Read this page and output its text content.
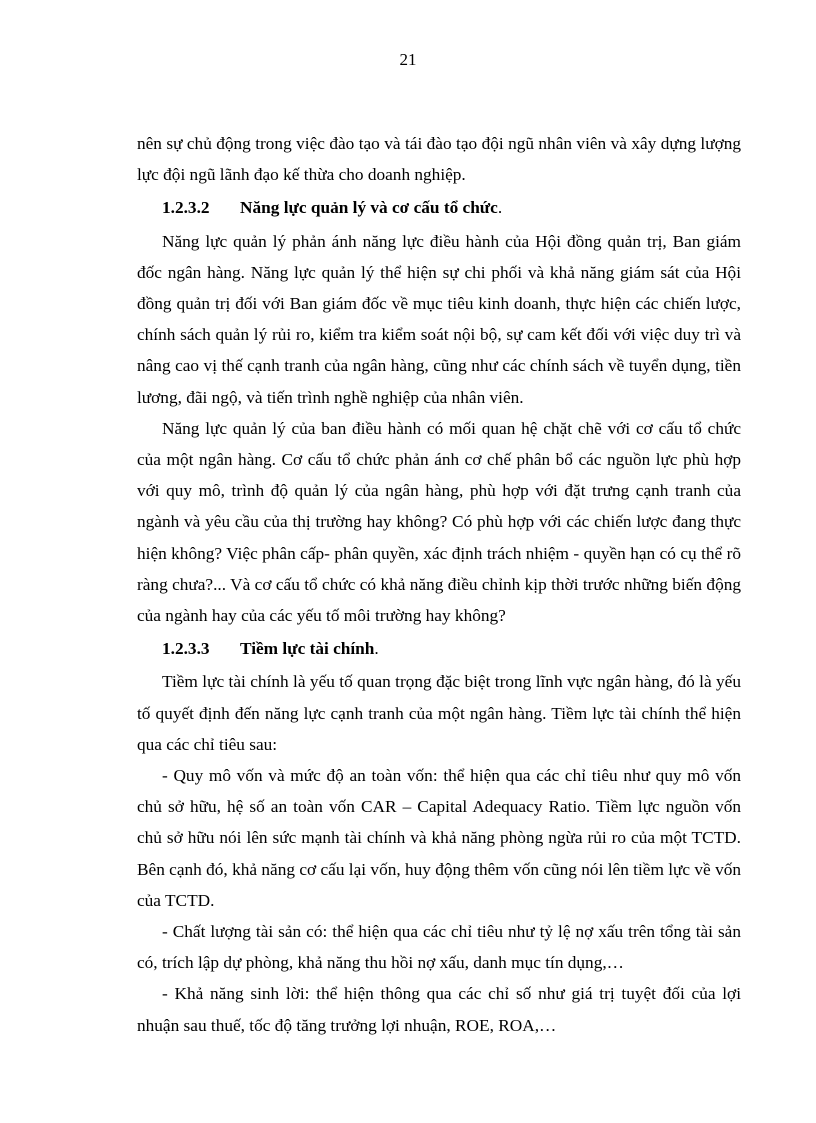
21

nên sự chủ động trong việc đào tạo và tái đào tạo đội ngũ nhân viên và xây dựng lượng lực đội ngũ lãnh đạo kế thừa cho doanh nghiệp.

1.2.3.2 Năng lực quản lý và cơ cấu tổ chức.

Năng lực quản lý phản ánh năng lực điều hành của Hội đồng quản trị, Ban giám đốc ngân hàng. Năng lực quản lý thể hiện sự chi phối và khả năng giám sát của Hội đồng quản trị đối với Ban giám đốc về mục tiêu kinh doanh, thực hiện các chiến lược, chính sách quản lý rủi ro, kiểm tra kiểm soát nội bộ, sự cam kết đối với việc duy trì và nâng cao vị thế cạnh tranh của ngân hàng, cũng như các chính sách về tuyển dụng, tiền lương, đãi ngộ, và tiến trình nghề nghiệp của nhân viên.

Năng lực quản lý của ban điều hành có mối quan hệ chặt chẽ với cơ cấu tổ chức của một ngân hàng. Cơ cấu tổ chức phản ánh cơ chế phân bổ các nguồn lực phù hợp với quy mô, trình độ quản lý của ngân hàng, phù hợp với đặt trưng cạnh tranh của ngành và yêu cầu của thị trường hay không? Có phù hợp với các chiến lược đang thực hiện không? Việc phân cấp- phân quyền, xác định trách nhiệm - quyền hạn có cụ thể rõ ràng chưa?... Và cơ cấu tổ chức có khả năng điều chỉnh kịp thời trước những biến động của ngành hay của các yếu tố môi trường hay không?

1.2.3.3 Tiềm lực tài chính.

Tiềm lực tài chính là yếu tố quan trọng đặc biệt trong lĩnh vực ngân hàng, đó là yếu tố quyết định đến năng lực cạnh tranh của một ngân hàng. Tiềm lực tài chính thể hiện qua các chỉ tiêu sau:

- Quy mô vốn và mức độ an toàn vốn: thể hiện qua các chỉ tiêu như quy mô vốn chủ sở hữu, hệ số an toàn vốn CAR – Capital Adequacy Ratio. Tiềm lực nguồn vốn chủ sở hữu nói lên sức mạnh tài chính và khả năng phòng ngừa rủi ro của một TCTD. Bên cạnh đó, khả năng cơ cấu lại vốn, huy động thêm vốn cũng nói lên tiềm lực về vốn của TCTD.

- Chất lượng tài sản có: thể hiện qua các chỉ tiêu như tỷ lệ nợ xấu trên tổng tài sản có, trích lập dự phòng, khả năng thu hồi nợ xấu, danh mục tín dụng,…

- Khả năng sinh lời: thể hiện thông qua các chỉ số như giá trị tuyệt đối của lợi nhuận sau thuế, tốc độ tăng trưởng lợi nhuận, ROE, ROA,…
